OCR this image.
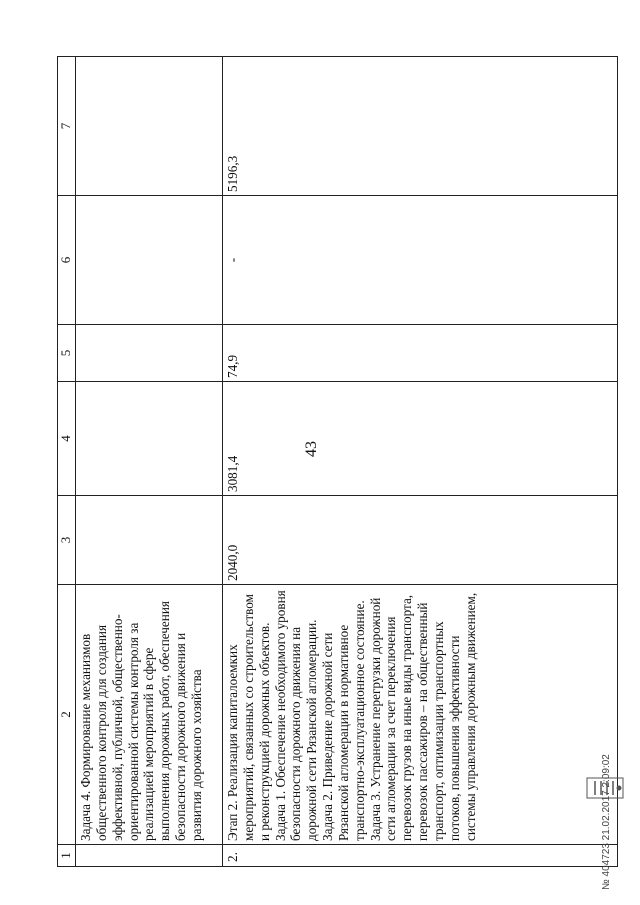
43
1	2	3	4	5	6	7
	Задача 4. Формирование механизмов общественного контроля для создания эффективной, публичной, общественно-ориентированной системы контроля за реализацией мероприятий в сфере выполнения дорожных работ, обеспечения безопасности дорожного движения и развития дорожного хозяйства					
2.	Этап 2. Реализация капиталоемких мероприятий, связанных со строительством и реконструкцией дорожных объектов. Задача 1. Обеспечение необходимого уровня безопасности дорожного движения на дорожной сети Рязанской агломерации. Задача 2. Приведение дорожной сети Рязанской агломерации в нормативное транспортно-эксплуатационное состояние. Задача 3. Устранение перегрузки дорожной сети агломерации за счет переключения перевозок грузов на иные виды транспорта, перевозок пассажиров – на общественный транспорт, оптимизации транспортных потоков, повышения эффективности системы управления дорожным движением,	2040,0	3081,4	74,9	-	5196,3
№ 404723 21.02.2017 2:09:02
